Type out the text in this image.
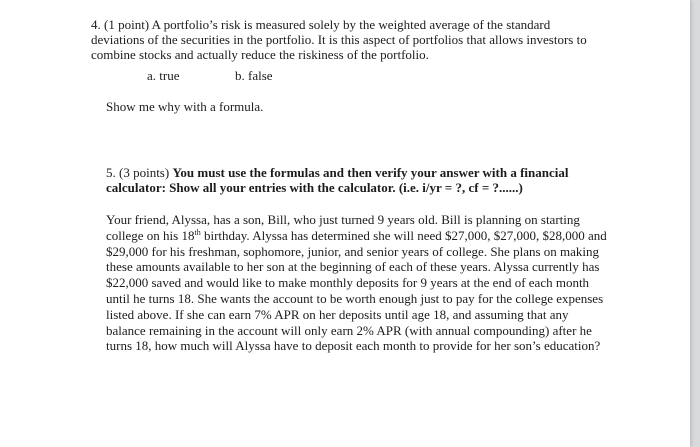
4. (1 point) A portfolio’s risk is measured solely by the weighted average of the standard
deviations of the securities in the portfolio. It is this aspect of portfolios that allows investors to
combine stocks and actually reduce the riskiness of the portfolio.
a. true	b. false
Show me why with a formula.
5. (3 points) You must use the formulas and then verify your answer with a financial
calculator: Show all your entries with the calculator. (i.e. i/yr = ?, cf = ?......)
Your friend, Alyssa, has a son, Bill, who just turned 9 years old. Bill is planning on starting
college on his 18th birthday. Alyssa has determined she will need $27,000, $27,000, $28,000 and
$29,000 for his freshman, sophomore, junior, and senior years of college. She plans on making
these amounts available to her son at the beginning of each of these years. Alyssa currently has
$22,000 saved and would like to make monthly deposits for 9 years at the end of each month
until he turns 18. She wants the account to be worth enough just to pay for the college expenses
listed above. If she can earn 7% APR on her deposits until age 18, and assuming that any
balance remaining in the account will only earn 2% APR (with annual compounding) after he
turns 18, how much will Alyssa have to deposit each month to provide for her son’s education?
